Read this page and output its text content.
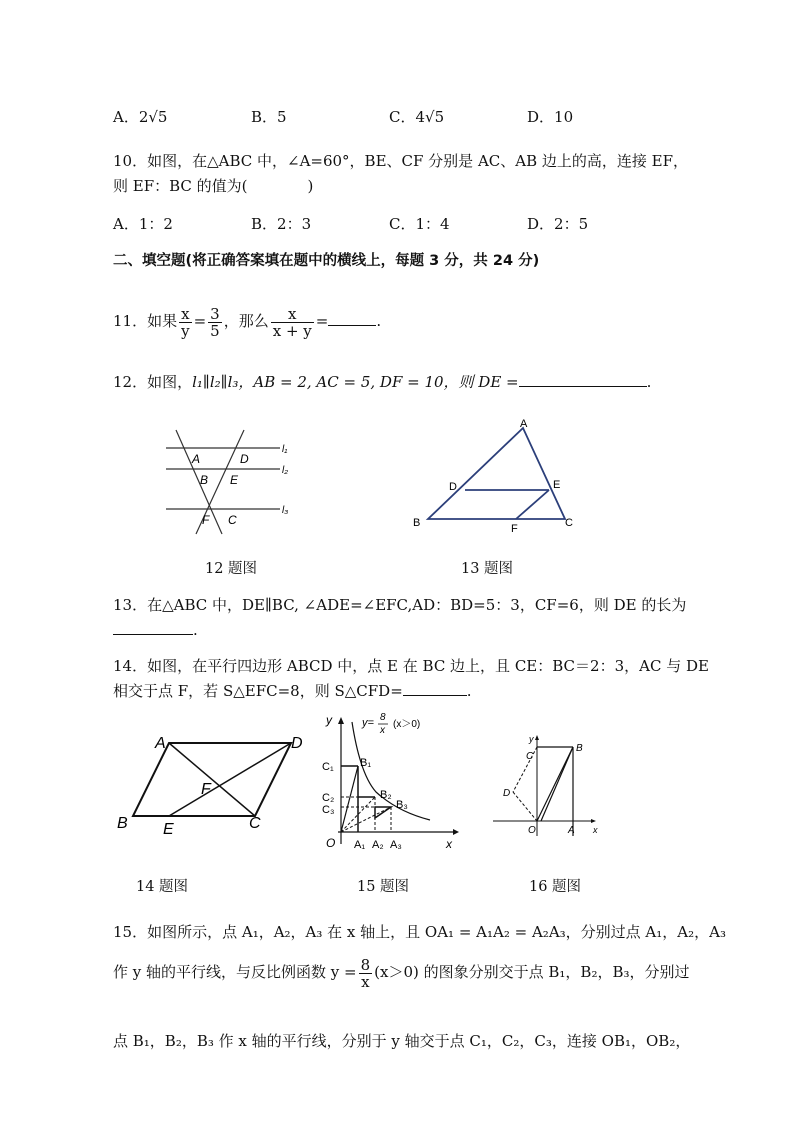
A．2√5	B．5	C．4√5	D．10
10．如图，在△ABC 中，∠A=60°，BE、CF 分别是 AC、AB 边上的高，连接 EF，
则 EF：BC 的值为(　　　　)
A．1：2	B．2：3	C．1：4	D．2：5
二、填空题(将正确答案填在题中的横线上，每题 3 分，共 24 分)
11．如果 $\frac{x}{y} = \frac{3}{5}$ ，那么 $\frac{x}{x + y}$ =	.
12．如图，l₁∥l₂∥l₃，AB = 2, AC = 5, DF = 10，则 DE =	.
l₁
l₂
l₃
A	D
B E
F C
12 题图
A
D	E
B	F	C
13 题图
13．在△ABC 中，DE∥BC, ∠ADE=∠EFC,AD：BD=5：3，CF=6，则 DE 的长为
.
14．如图，在平行四边形 ABCD 中，点 E 在 BC 边上，且 CE：BC＝2：3，AC 与 DE
相交于点 F，若 S△EFC=8，则 S△CFD=	.
A	D
F
B E	C
14 题图
y= 8
x
(x＞0)
y
x
O
C₁
C₂
C₃
B₁
B₂
B₃
A₁ A₂ A₃
15 题图
y
x
C
B
D
O	A
16 题图
15．如图所示，点 A₁，A₂，A₃ 在 x 轴上，且 OA₁ = A₁A₂ = A₂A₃，分别过点 A₁，A₂，A₃
作 y 轴的平行线，与反比例函数 $y = \frac{8}{x} (x>0)$ 的图象分别交于点 B₁，B₂，B₃，分别过
点 B₁，B₂，B₃ 作 x 轴的平行线，分别于 y 轴交于点 C₁，C₂，C₃，连接 OB₁，OB₂，
